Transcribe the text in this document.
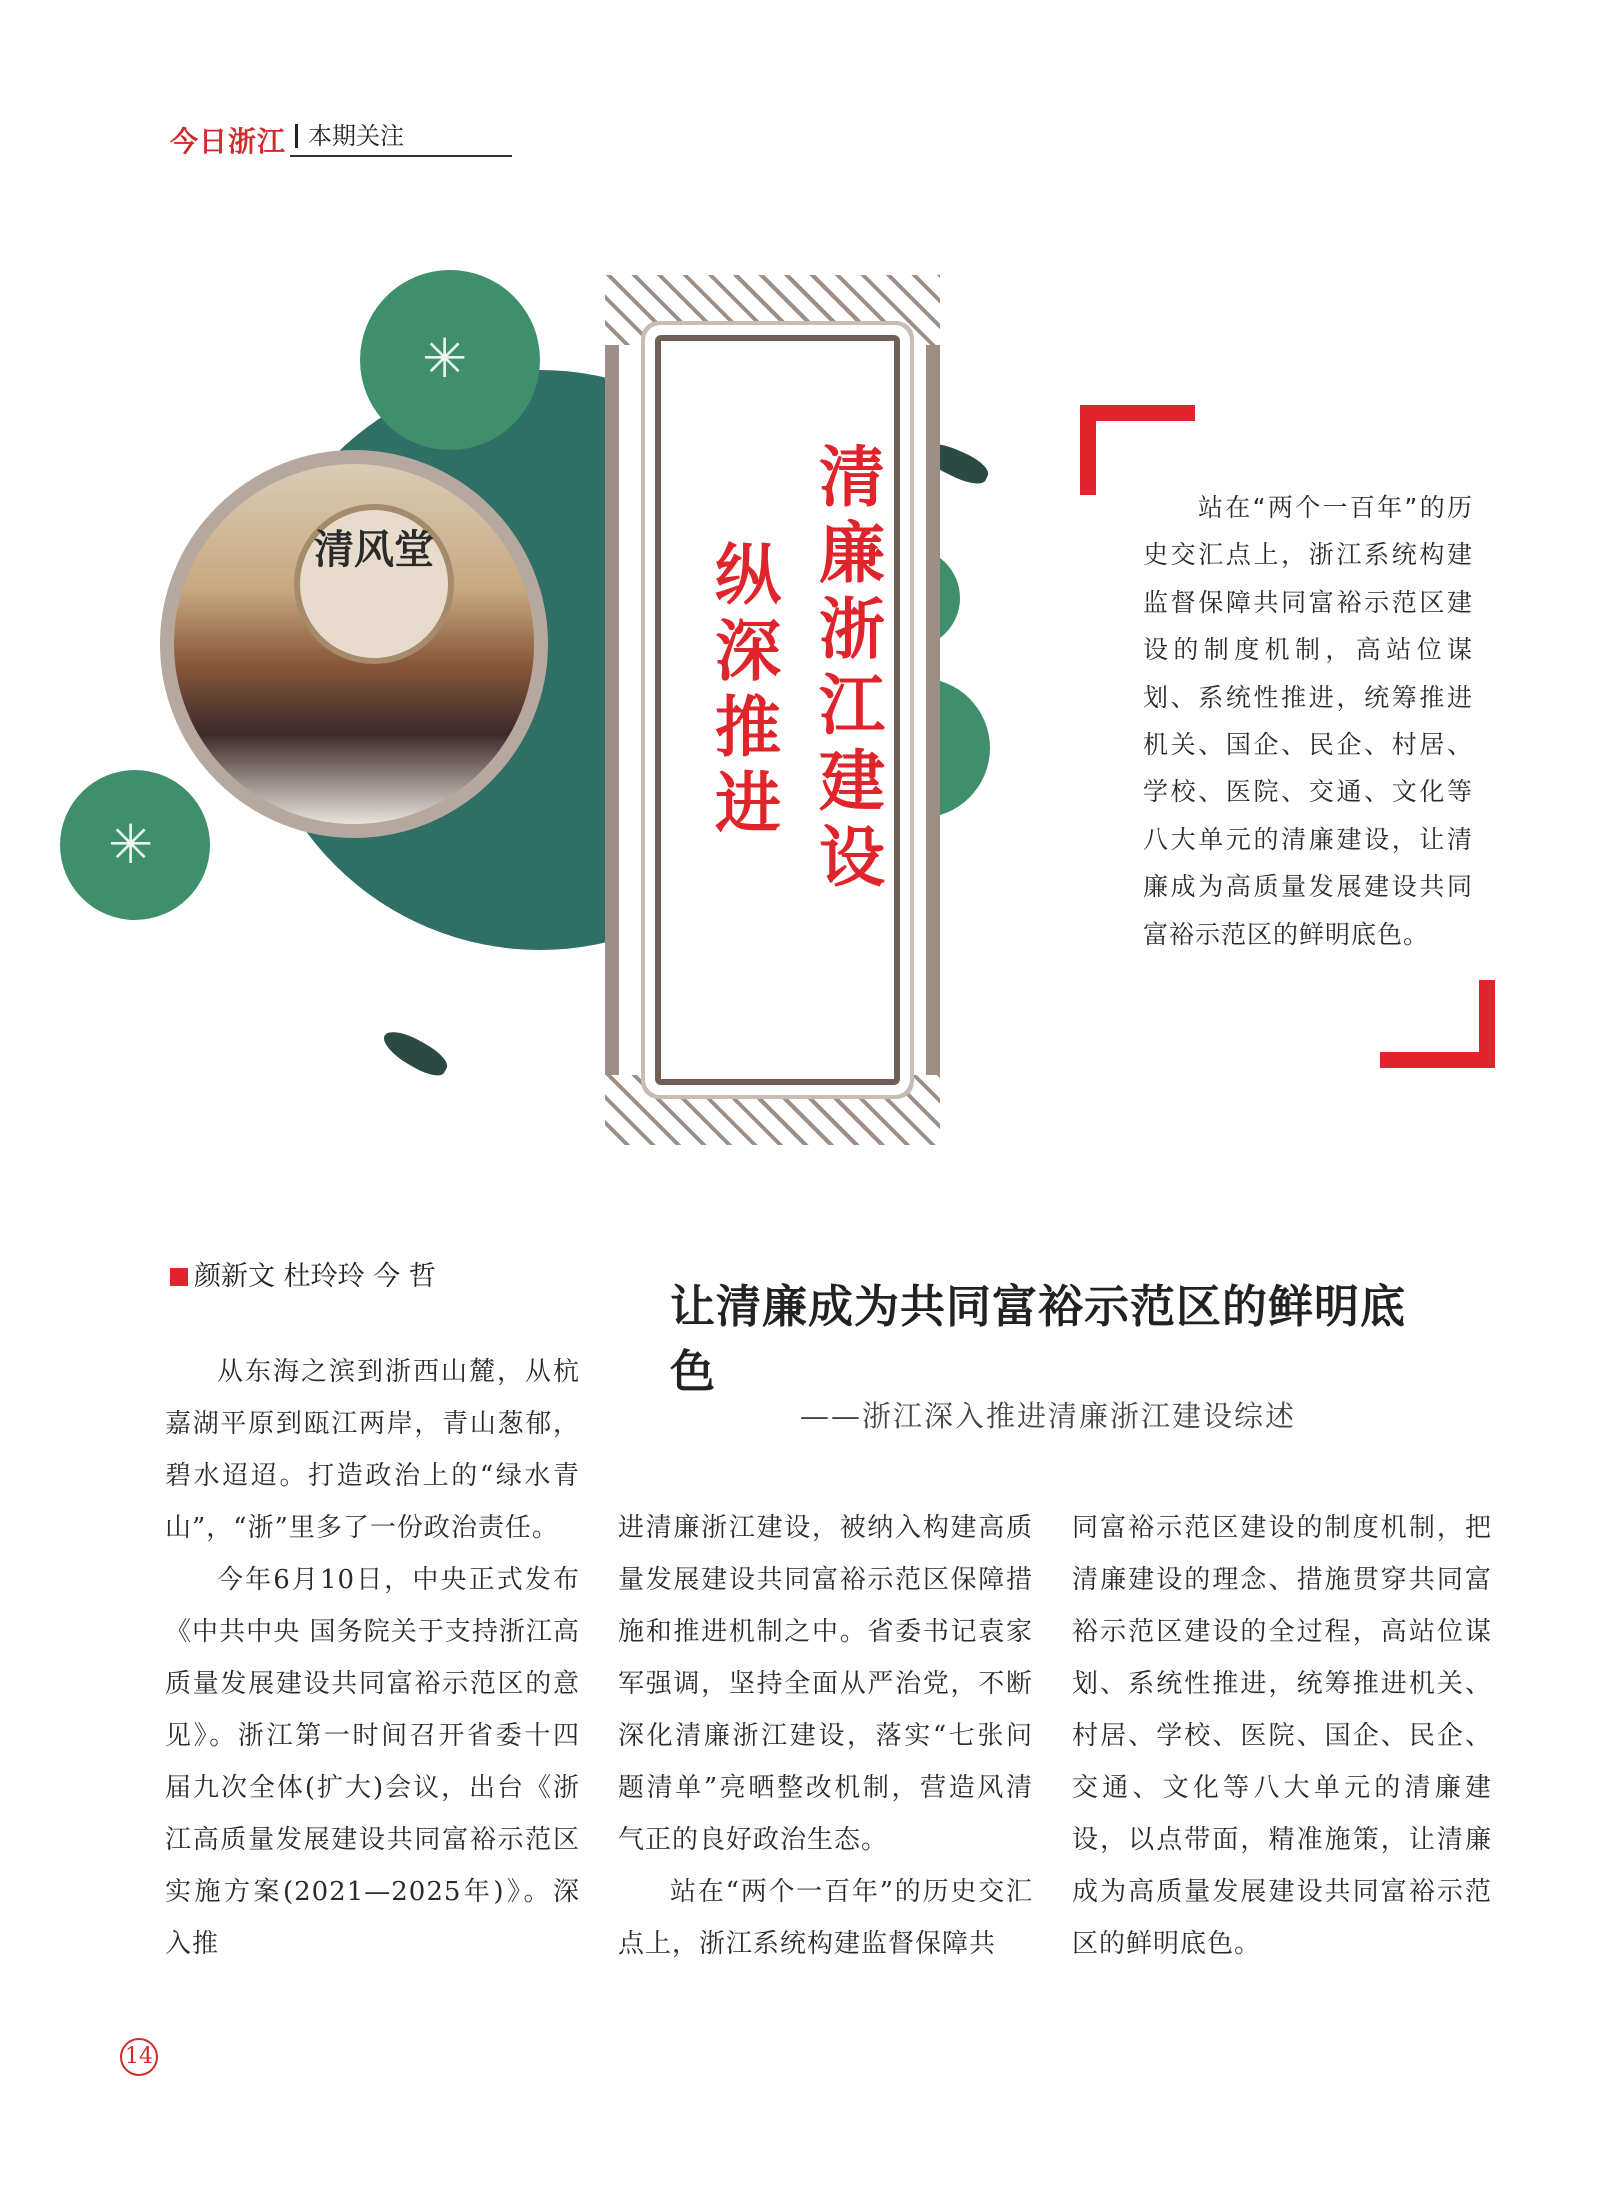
今日浙江 本期关注
✳
✳
清风堂
清廉浙江建设
纵深推进
站在“两个一百年”的历史交汇点上，浙江系统构建监督保障共同富裕示范区建设的制度机制，高站位谋划、系统性推进，统筹推进机关、国企、民企、村居、学校、医院、交通、文化等八大单元的清廉建设，让清廉成为高质量发展建设共同富裕示范区的鲜明底色。
颜新文 杜玲玲 今 哲
让清廉成为共同富裕示范区的鲜明底色
——浙江深入推进清廉浙江建设综述

从东海之滨到浙西山麓，从杭嘉湖平原到瓯江两岸，青山葱郁，碧水迢迢。打造政治上的“绿水青山”，“浙”里多了一份政治责任。

今年6月10日，中央正式发布《中共中央 国务院关于支持浙江高质量发展建设共同富裕示范区的意见》。浙江第一时间召开省委十四届九次全体(扩大)会议，出台《浙江高质量发展建设共同富裕示范区实施方案(2021—2025年)》。深入推

进清廉浙江建设，被纳入构建高质量发展建设共同富裕示范区保障措施和推进机制之中。省委书记袁家军强调，坚持全面从严治党，不断深化清廉浙江建设，落实“七张问题清单”亮晒整改机制，营造风清气正的良好政治生态。

站在“两个一百年”的历史交汇点上，浙江系统构建监督保障共

同富裕示范区建设的制度机制，把清廉建设的理念、措施贯穿共同富裕示范区建设的全过程，高站位谋划、系统性推进，统筹推进机关、村居、学校、医院、国企、民企、交通、文化等八大单元的清廉建设，以点带面，精准施策，让清廉成为高质量发展建设共同富裕示范区的鲜明底色。

14
